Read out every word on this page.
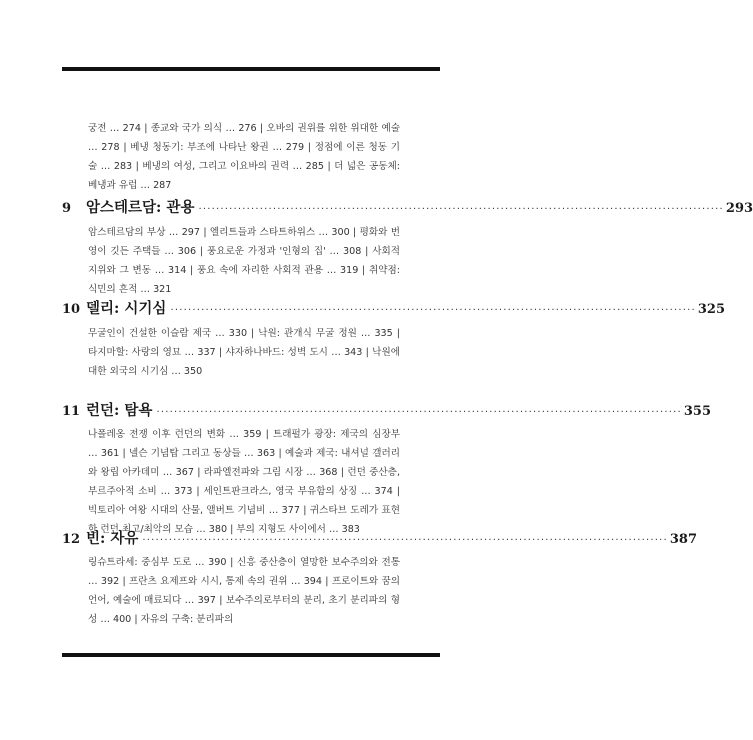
궁전 … 274 | 종교와 국가 의식 … 276 | 오바의 권위를 위한 위대한 예술 … 278 | 베냉 청동기: 부조에 나타난 왕권 … 279 | 정점에 이른 청동 기술 … 283 | 베냉의 여성, 그리고 이요바의 권력 … 285 | 더 넓은 공동체: 베냉과 유럽 … 287
9	암스테르담: 관용 ························································································································ 293
암스테르담의 부상 … 297 | 엘리트들과 스타트하위스 … 300 | 평화와 번영이 깃든 주택들 … 306 | 풍요로운 가정과 '인형의 집' … 308 | 사회적 지위와 그 변동 … 314 | 풍요 속에 자리한 사회적 관용 … 319 | 취약점: 식민의 흔적 … 321
10 델리: 시기심 ························································································································ 325
무굴인이 건설한 이슬람 제국 … 330 | 낙원: 관개식 무굴 정원 … 335 | 타지마할: 사랑의 영묘 … 337 | 샤자하나바드: 성벽 도시 … 343 | 낙원에 대한 외국의 시기심 … 350
11 런던: 탐욕 ························································································································ 355
나폴레옹 전쟁 이후 런던의 변화 … 359 | 트래펄가 광장: 제국의 심장부 … 361 | 넬슨 기념탑 그리고 동상들 … 363 | 예술과 제국: 내셔널 갤러리와 왕립 아카데미 … 367 | 라파엘전파와 그림 시장 … 368 | 런던 중산층, 부르주아적 소비 … 373 | 세인트판크라스, 영국 부유함의 상징 … 374 | 빅토리아 여왕 시대의 산물, 앨버트 기념비 … 377 | 귀스타브 도레가 표현한 런던 최고/최악의 모습 … 380 | 부의 지형도 사이에서 … 383
12 빈: 자유 ························································································································ 387
링슈트라세: 중심부 도로 … 390 | 신흥 중산층이 열망한 보수주의와 전통 … 392 | 프란츠 요제프와 시시, 통제 속의 권위 … 394 | 프로이트와 꿈의 언어, 예술에 매료되다 … 397 | 보수주의로부터의 분리, 초기 분리파의 형성 … 400 | 자유의 구축: 분리파의
